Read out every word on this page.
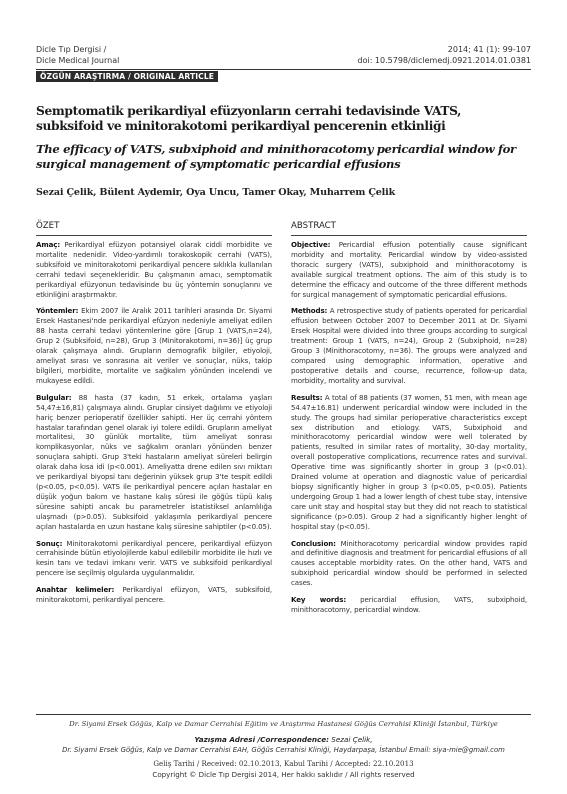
Dicle Tıp Dergisi /
Dicle Medical Journal
2014; 41 (1): 99-107
doi: 10.5798/diclemedj.0921.2014.01.0381
ÖZGÜN ARAŞTIRMA / ORIGINAL ARTICLE
Semptomatik perikardiyal efüzyonların cerrahi tedavisinde VATS, subksifoid ve minitorakotomi perikardiyal pencerenin etkinliği
The efficacy of VATS, subxiphoid and minithoracotomy pericardial window for surgical management of symptomatic pericardial effusions
Sezai Çelik, Bülent Aydemir, Oya Uncu, Tamer Okay, Muharrem Çelik
ÖZET

Amaç: Perikardiyal efüzyon potansiyel olarak ciddi morbidite ve mortalite nedenidir. Video-yardımlı torakoskopik cerrahi (VATS), subksifoid ve minitorakotomi perikardiyal pencere sıklıkla kullanılan cerrahi tedavi seçenekleridir. Bu çalışmanın amacı, semptomatik perikardiyal efüzyonun tedavisinde bu üç yöntemin sonuçlarını ve etkinliğini araştırmaktır.

Yöntemler: Ekim 2007 ile Aralık 2011 tarihleri arasında Dr. Siyami Ersek Hastanesi'nde perikardiyal efüzyon nedeniyle ameliyat edilen 88 hasta cerrahi tedavi yöntemlerine göre [Grup 1 (VATS,n=24), Grup 2 (Subksifoid, n=28), Grup 3 (Minitorakotomi, n=36)] üç grup olarak çalışmaya alındı. Grupların demografik bilgiler, etiyoloji, ameliyat sırası ve sonrasına ait veriler ve sonuçlar, nüks, takip bilgileri, morbidite, mortalite ve sağkalım yönünden incelendi ve mukayese edildi.

Bulgular: 88 hasta (37 kadın, 51 erkek, ortalama yaşları 54,47±16,81) çalışmaya alındı. Gruplar cinsiyet dağılımı ve etiyoloji hariç benzer perioperatif özellikler sahipti. Her üç cerrahi yöntem hastalar tarafından genel olarak iyi tolere edildi. Grupların ameliyat mortalitesi, 30 günlük mortalite, tüm ameliyat sonrası komplikasyonlar, nüks ve sağkalım oranları yönünden benzer sonuçlara sahipti. Grup 3'teki hastaların ameliyat süreleri belirgin olarak daha kısa idi (p<0.001). Ameliyatta drene edilen sıvı miktarı ve perikardiyal biyopsi tanı değerinin yüksek grup 3'te tespit edildi (p<0.05, p<0.05). VATS ile perikardiyal pencere açılan hastalar en düşük yoğun bakım ve hastane kalış süresi ile göğüs tüpü kalış süresine sahipti ancak bu parametreler istatistiksel anlamlılığa ulaşmadı (p>0.05). Subksifoid yaklaşımla perikardiyal pencere açılan hastalarda en uzun hastane kalış süresine sahiptiler (p<0.05).

Sonuç: Minitorakotomi perikardiyal pencere, perikardiyal efüzyon cerrahisinde bütün etiyolojilerde kabul edilebilir morbidite ile hızlı ve kesin tanı ve tedavi imkanı verir. VATS ve subksifoid perikardiyal pencere ise seçilmiş olgularda uygulanmalıdır.

Anahtar kelimeler: Perikardiyal efüzyon, VATS, subksifoid, minitorakotomi, perikardiyal pencere.

ABSTRACT

Objective: Pericardial effusion potentially cause significant morbidity and mortality. Pericardial window by video-assisted thoracic surgery (VATS), subxiphoid and minithoracotomy is available surgical treatment options. The aim of this study is to determine the efficacy and outcome of the three different methods for surgical management of symptomatic pericardial effusions.

Methods: A retrospective study of patients operated for pericardial effusion between October 2007 to December 2011 at Dr. Siyami Ersek Hospital were divided into three groups according to surgical treatment: Group 1 (VATS, n=24), Group 2 (Subxiphoid, n=28) Group 3 (Minithoracotomy, n=36). The groups were analyzed and compared using demographic information, operative and postoperative details and course, recurrence, follow-up data, morbidity, mortality and survival.

Results: A total of 88 patients (37 women, 51 men, with mean age 54.47±16.81) underwent pericardial window were included in the study. The groups had similar perioperative characteristics except sex distribution and etiology. VATS, Subxiphoid and minithoracotomy pericardial window were well tolerated by patients, resulted in similar rates of mortality, 30-day mortality, overall postoperative complications, recurrence rates and survival. Operative time was significantly shorter in group 3 (p<0.01). Drained volume at operation and diagnostic value of pericardial biopsy significantly higher in group 3 (p<0.05, p<0.05). Patients undergoing Group 1 had a lower length of chest tube stay, intensive care unit stay and hospital stay but they did not reach to statistical significance (p>0.05). Group 2 had a significantly higher lenght of hospital stay (p<0.05).

Conclusion: Minithoracotomy pericardial window provides rapid and definitive diagnosis and treatment for pericardial effusions of all causes acceptable morbidity rates. On the other hand, VATS and subxiphoid pericardial window should be performed in selected cases.

Key words: pericardial effusion, VATS, subxiphoid, minithoracotomy, pericardial window.

Dr. Siyami Ersek Göğüs, Kalp ve Damar Cerrahisi Eğitim ve Araştırma Hastanesi Göğüs Cerrahisi Kliniği İstanbul, Türkiye
Yazışma Adresi /Correspondence: Sezai Çelik,
Dr. Siyami Ersek Göğüs, Kalp ve Damar Cerrahisi EAH, Göğüs Cerrahisi Kliniği, Haydarpaşa, İstanbul Email: siya-mie@gmail.com
Geliş Tarihi / Received: 02.10.2013, Kabul Tarihi / Accepted: 22.10.2013
Copyright © Dicle Tıp Dergisi 2014, Her hakkı saklıdır / All rights reserved
